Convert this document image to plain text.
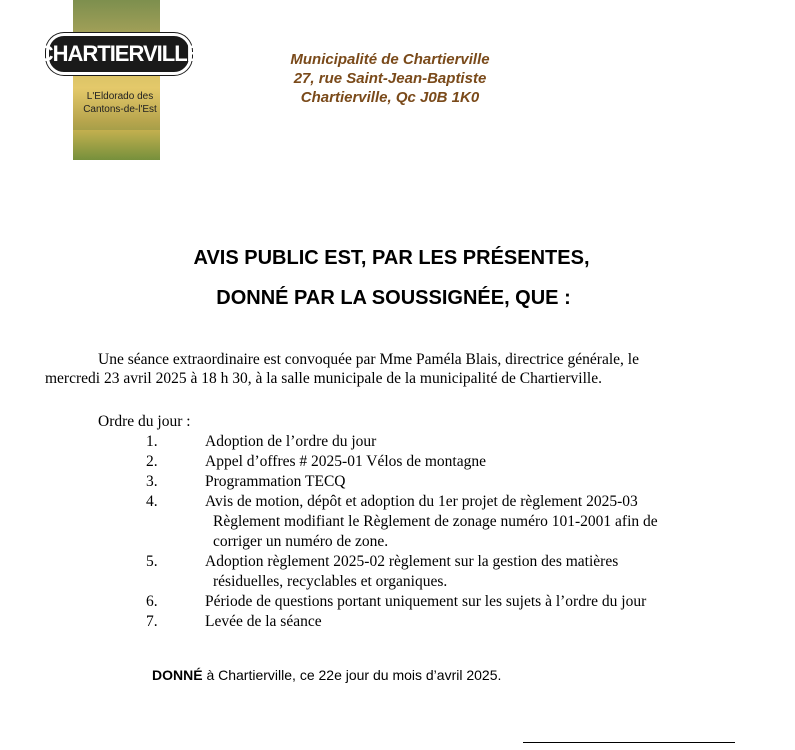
CHARTIERVILLE
L'Eldorado des
Cantons-de-l'Est
Municipalité de Chartierville
27, rue Saint-Jean-Baptiste
Chartierville, Qc J0B 1K0
AVIS PUBLIC EST, PAR LES PRÉSENTES,
DONNÉ PAR LA SOUSSIGNÉE, QUE :
Une séance extraordinaire est convoquée par Mme Paméla Blais, directrice générale, le
mercredi 23 avril 2025 à 18 h 30, à la salle municipale de la municipalité de Chartierville.
Ordre du jour :
1.	Adoption de l’ordre du jour
2.	Appel d’offres # 2025-01 Vélos de montagne
3.	Programmation TECQ
4.	Avis de motion, dépôt et adoption du 1er projet de règlement 2025-03
Règlement modifiant le Règlement de zonage numéro 101-2001 afin de
corriger un numéro de zone.
5.	Adoption règlement 2025-02 règlement sur la gestion des matières
résiduelles, recyclables et organiques.
6.	Période de questions portant uniquement sur les sujets à l’ordre du jour
7.	Levée de la séance
DONNÉ à Chartierville, ce 22e jour du mois d’avril 2025.
